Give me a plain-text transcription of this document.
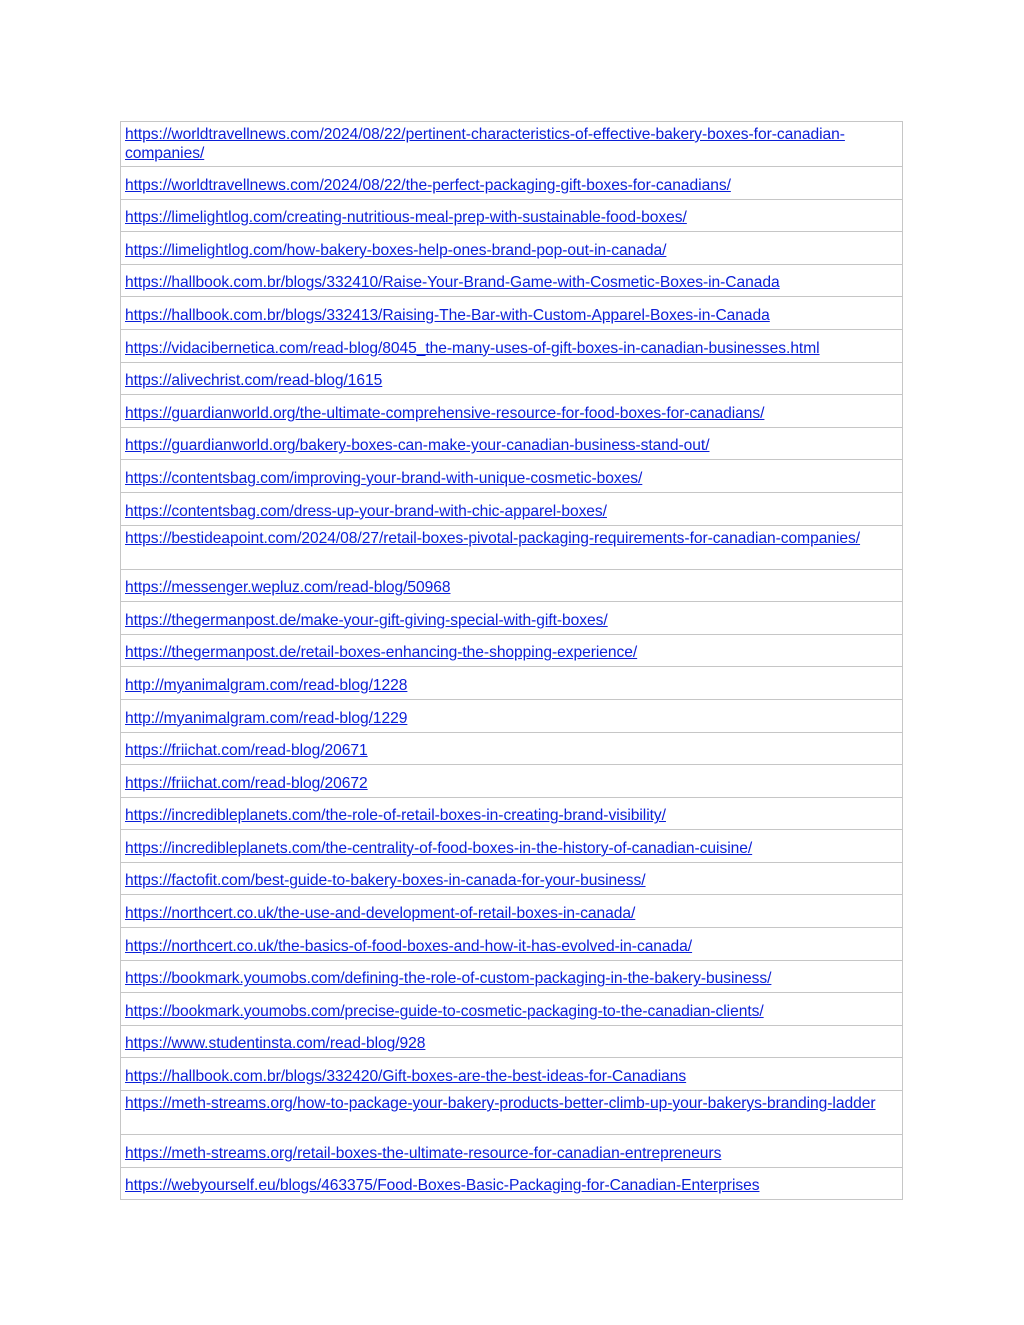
https://worldtravellnews.com/2024/08/22/pertinent-characteristics-of-effective-bakery-boxes-for-canadian-companies/
https://worldtravellnews.com/2024/08/22/the-perfect-packaging-gift-boxes-for-canadians/
https://limelightlog.com/creating-nutritious-meal-prep-with-sustainable-food-boxes/
https://limelightlog.com/how-bakery-boxes-help-ones-brand-pop-out-in-canada/
https://hallbook.com.br/blogs/332410/Raise-Your-Brand-Game-with-Cosmetic-Boxes-in-Canada
https://hallbook.com.br/blogs/332413/Raising-The-Bar-with-Custom-Apparel-Boxes-in-Canada
https://vidacibernetica.com/read-blog/8045_the-many-uses-of-gift-boxes-in-canadian-businesses.html
https://alivechrist.com/read-blog/1615
https://guardianworld.org/the-ultimate-comprehensive-resource-for-food-boxes-for-canadians/
https://guardianworld.org/bakery-boxes-can-make-your-canadian-business-stand-out/
https://contentsbag.com/improving-your-brand-with-unique-cosmetic-boxes/
https://contentsbag.com/dress-up-your-brand-with-chic-apparel-boxes/
https://bestideapoint.com/2024/08/27/retail-boxes-pivotal-packaging-requirements-for-canadian-companies/
https://messenger.wepluz.com/read-blog/50968
https://thegermanpost.de/make-your-gift-giving-special-with-gift-boxes/
https://thegermanpost.de/retail-boxes-enhancing-the-shopping-experience/
http://myanimalgram.com/read-blog/1228
http://myanimalgram.com/read-blog/1229
https://friichat.com/read-blog/20671
https://friichat.com/read-blog/20672
https://incredibleplanets.com/the-role-of-retail-boxes-in-creating-brand-visibility/
https://incredibleplanets.com/the-centrality-of-food-boxes-in-the-history-of-canadian-cuisine/
https://factofit.com/best-guide-to-bakery-boxes-in-canada-for-your-business/
https://northcert.co.uk/the-use-and-development-of-retail-boxes-in-canada/
https://northcert.co.uk/the-basics-of-food-boxes-and-how-it-has-evolved-in-canada/
https://bookmark.youmobs.com/defining-the-role-of-custom-packaging-in-the-bakery-business/
https://bookmark.youmobs.com/precise-guide-to-cosmetic-packaging-to-the-canadian-clients/
https://www.studentinsta.com/read-blog/928
https://hallbook.com.br/blogs/332420/Gift-boxes-are-the-best-ideas-for-Canadians
https://meth-streams.org/how-to-package-your-bakery-products-better-climb-up-your-bakerys-branding-ladder
https://meth-streams.org/retail-boxes-the-ultimate-resource-for-canadian-entrepreneurs
https://webyourself.eu/blogs/463375/Food-Boxes-Basic-Packaging-for-Canadian-Enterprises
